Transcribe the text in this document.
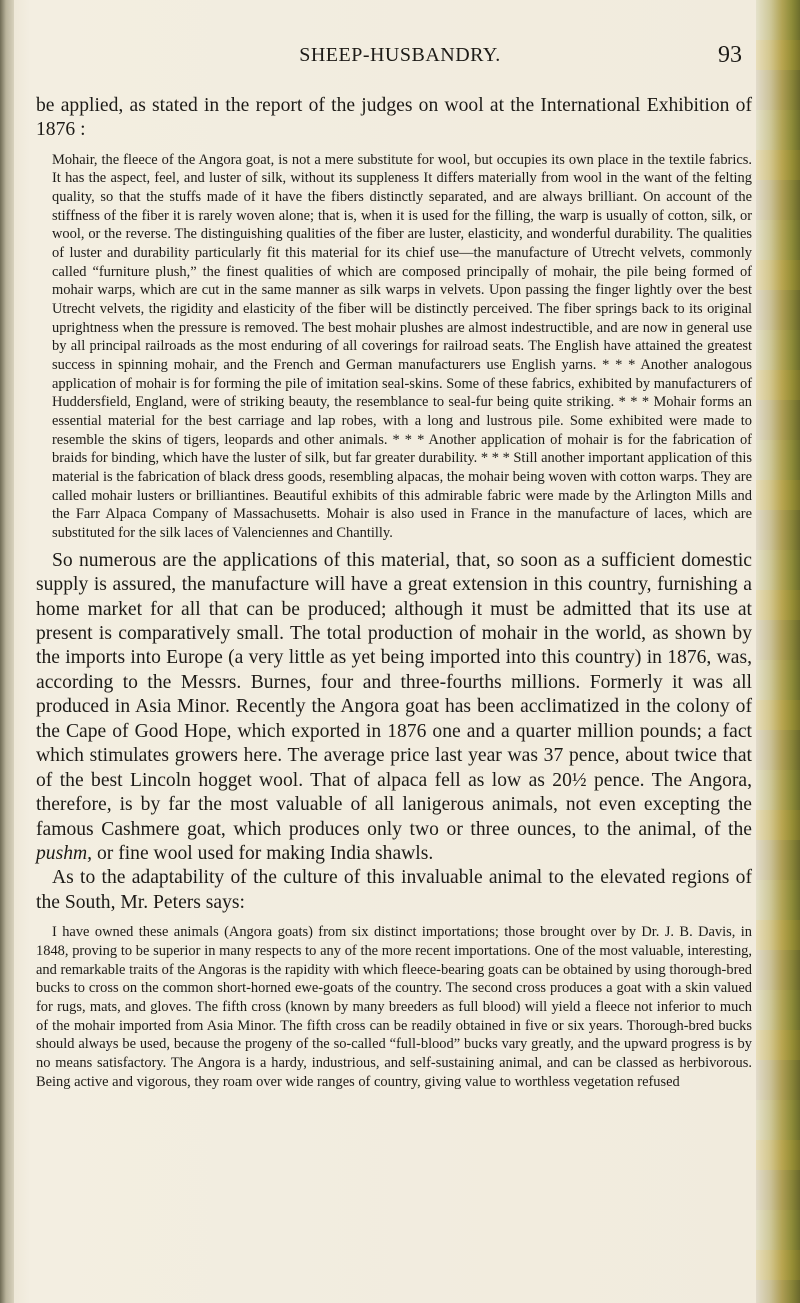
SHEEP-HUSBANDRY.	93

be applied, as stated in the report of the judges on wool at the International Exhibition of 1876 :

Mohair, the fleece of the Angora goat, is not a mere substitute for wool, but occupies its own place in the textile fabrics. It has the aspect, feel, and luster of silk, without its suppleness It differs materially from wool in the want of the felting quality, so that the stuffs made of it have the fibers distinctly separated, and are always brilliant. On account of the stiffness of the fiber it is rarely woven alone; that is, when it is used for the filling, the warp is usually of cotton, silk, or wool, or the reverse. The distinguishing qualities of the fiber are luster, elasticity, and wonderful durability. The qualities of luster and durability particularly fit this material for its chief use—the manufacture of Utrecht velvets, commonly called “furniture plush,” the finest qualities of which are composed principally of mohair, the pile being formed of mohair warps, which are cut in the same manner as silk warps in velvets. Upon passing the finger lightly over the best Utrecht velvets, the rigidity and elasticity of the fiber will be distinctly perceived. The fiber springs back to its original uprightness when the pressure is removed. The best mohair plushes are almost indestructible, and are now in general use by all principal railroads as the most enduring of all coverings for railroad seats. The English have attained the greatest success in spinning mohair, and the French and German manufacturers use English yarns. * * * Another analogous application of mohair is for forming the pile of imitation seal-skins. Some of these fabrics, exhibited by manufacturers of Huddersfield, England, were of striking beauty, the resemblance to seal-fur being quite striking. * * * Mohair forms an essential material for the best carriage and lap robes, with a long and lustrous pile. Some exhibited were made to resemble the skins of tigers, leopards and other animals. * * * Another application of mohair is for the fabrication of braids for binding, which have the luster of silk, but far greater durability. * * * Still another important application of this material is the fabrication of black dress goods, resembling alpacas, the mohair being woven with cotton warps. They are called mohair lusters or brilliantines. Beautiful exhibits of this admirable fabric were made by the Arlington Mills and the Farr Alpaca Company of Massachusetts. Mohair is also used in France in the manufacture of laces, which are substituted for the silk laces of Valenciennes and Chantilly.

So numerous are the applications of this material, that, so soon as a sufficient domestic supply is assured, the manufacture will have a great extension in this country, furnishing a home market for all that can be produced; although it must be admitted that its use at present is comparatively small. The total production of mohair in the world, as shown by the imports into Europe (a very little as yet being imported into this country) in 1876, was, according to the Messrs. Burnes, four and three-fourths millions. Formerly it was all produced in Asia Minor. Recently the Angora goat has been acclimatized in the colony of the Cape of Good Hope, which exported in 1876 one and a quarter million pounds; a fact which stimulates growers here. The average price last year was 37 pence, about twice that of the best Lincoln hogget wool. That of alpaca fell as low as 20½ pence. The Angora, therefore, is by far the most valuable of all lanigerous animals, not even excepting the famous Cashmere goat, which produces only two or three ounces, to the animal, of the pushm, or fine wool used for making India shawls.

As to the adaptability of the culture of this invaluable animal to the elevated regions of the South, Mr. Peters says:

I have owned these animals (Angora goats) from six distinct importations; those brought over by Dr. J. B. Davis, in 1848, proving to be superior in many respects to any of the more recent importations. One of the most valuable, interesting, and remarkable traits of the Angoras is the rapidity with which fleece-bearing goats can be obtained by using thorough-bred bucks to cross on the common short-horned ewe-goats of the country. The second cross produces a goat with a skin valued for rugs, mats, and gloves. The fifth cross (known by many breeders as full blood) will yield a fleece not inferior to much of the mohair imported from Asia Minor. The fifth cross can be readily obtained in five or six years. Thorough-bred bucks should always be used, because the progeny of the so-called “full-blood” bucks vary greatly, and the upward progress is by no means satisfactory. The Angora is a hardy, industrious, and self-sustaining animal, and can be classed as herbivorous. Being active and vigorous, they roam over wide ranges of country, giving value to worthless vegetation refused
